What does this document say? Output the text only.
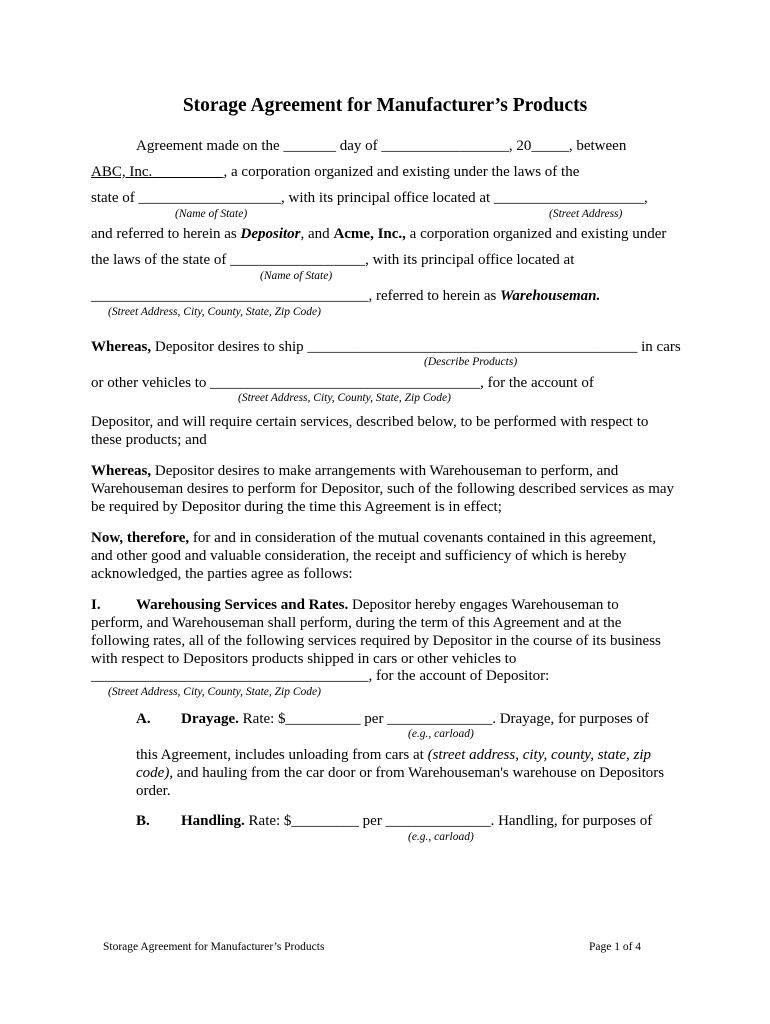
Storage Agreement for Manufacturer’s Products
Agreement made on the _______ day of _________________, 20_____, between
ABC, Inc.	, a corporation organized and existing under the laws of the
state of ___________________, with its principal office located at ____________________,
(Name of State)	(Street Address)
and referred to herein as Depositor, and Acme, Inc., a corporation organized and existing under
the laws of the state of __________________, with its principal office located at
(Name of State)
_____________________________________, referred to herein as Warehouseman.
(Street Address, City, County, State, Zip Code)
Whereas, Depositor desires to ship ____________________________________________ in cars
(Describe Products)
or other vehicles to ____________________________________, for the account of
(Street Address, City, County, State, Zip Code)
Depositor, and will require certain services, described below, to be performed with respect to
these products; and
Whereas, Depositor desires to make arrangements with Warehouseman to perform, and
Warehouseman desires to perform for Depositor, such of the following described services as may
be required by Depositor during the time this Agreement is in effect;
Now, therefore, for and in consideration of the mutual covenants contained in this agreement,
and other good and valuable consideration, the receipt and sufficiency of which is hereby
acknowledged, the parties agree as follows:
I. Warehousing Services and Rates. Depositor hereby engages Warehouseman to
perform, and Warehouseman shall perform, during the term of this Agreement and at the
following rates, all of the following services required by Depositor in the course of its business
with respect to Depositors products shipped in cars or other vehicles to
_____________________________________, for the account of Depositor:
(Street Address, City, County, State, Zip Code)
A. Drayage. Rate: $__________ per ______________. Drayage, for purposes of
(e.g., carload)
this Agreement, includes unloading from cars at (street address, city, county, state, zip
code), and hauling from the car door or from Warehouseman's warehouse on Depositors
order.
B. Handling. Rate: $_________ per ______________. Handling, for purposes of
(e.g., carload)
Storage Agreement for Manufacturer’s Products	Page 1 of 4
